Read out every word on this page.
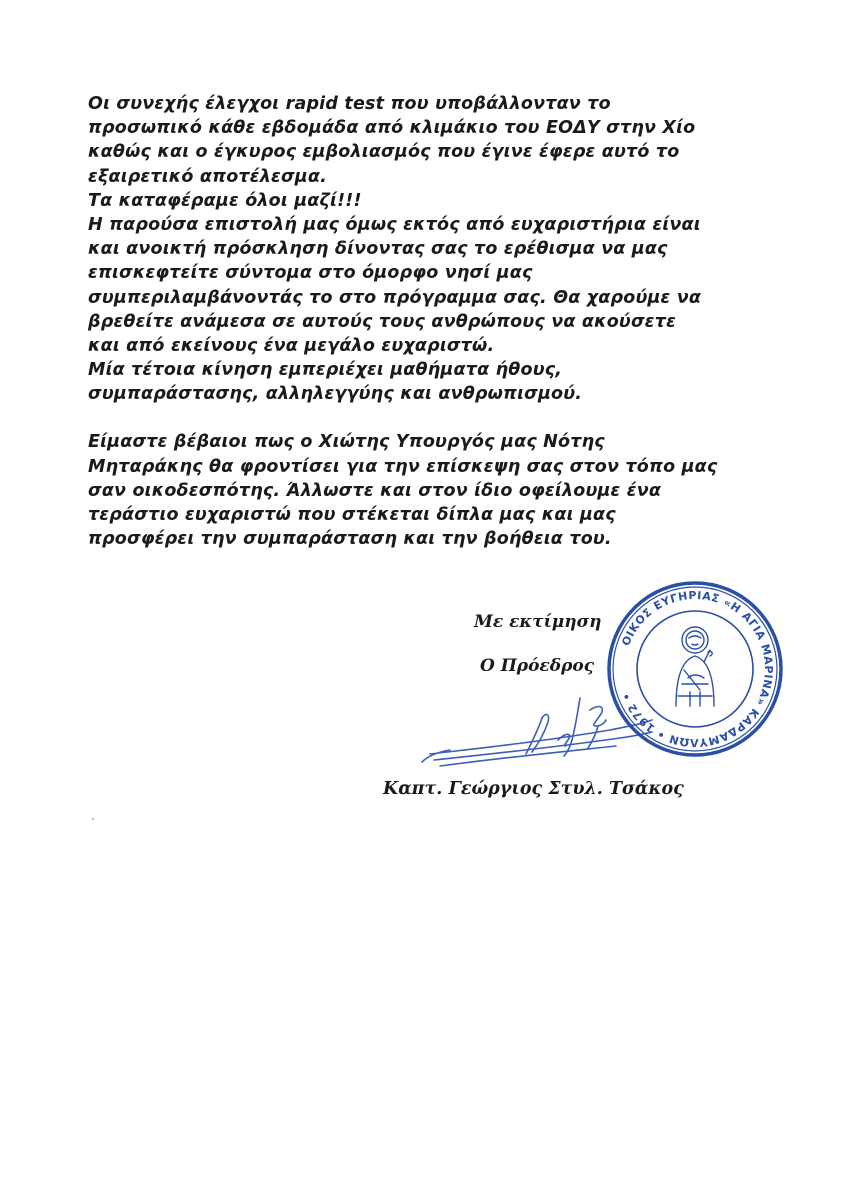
Οι συνεχής έλεγχοι rapid test που υποβάλλονταν το
προσωπικό κάθε εβδομάδα από κλιμάκιο του ΕΟΔΥ στην Χίο
καθώς και ο έγκυρος εμβολιασμός που έγινε έφερε αυτό το
εξαιρετικό αποτέλεσμα.
Τα καταφέραμε όλοι μαζί!!!
Η παρούσα επιστολή μας όμως εκτός από ευχαριστήρια είναι
και ανοικτή πρόσκληση δίνοντας σας το ερέθισμα να μας
επισκεφτείτε σύντομα στο όμορφο νησί μας
συμπεριλαμβάνοντάς το στο πρόγραμμα σας. Θα χαρούμε να
βρεθείτε ανάμεσα σε αυτούς τους ανθρώπους να ακούσετε
και από εκείνους ένα μεγάλο ευχαριστώ.
Μία τέτοια κίνηση εμπεριέχει μαθήματα ήθους,
συμπαράστασης, αλληλεγγύης και ανθρωπισμού.
Είμαστε βέβαιοι πως ο Χιώτης Υπουργός μας Νότης
Μηταράκης θα φροντίσει για την επίσκεψη σας στον τόπο μας
σαν οικοδεσπότης. Άλλωστε και στον ίδιο οφείλουμε ένα
τεράστιο ευχαριστώ που στέκεται δίπλα μας και μας
προσφέρει την συμπαράσταση και την βοήθεια του.
Με εκτίμηση
Ο Πρόεδρος
ΟΙΚΟΣ ΕΥΓΗΡΙΑΣ «Η ΑΓΙΑ ΜΑΡΙΝΑ» ΚΑΡΔΑΜΥΛΩΝ • 1972 •
Καπτ. Γεώργιος Στυλ. Τσάκος
